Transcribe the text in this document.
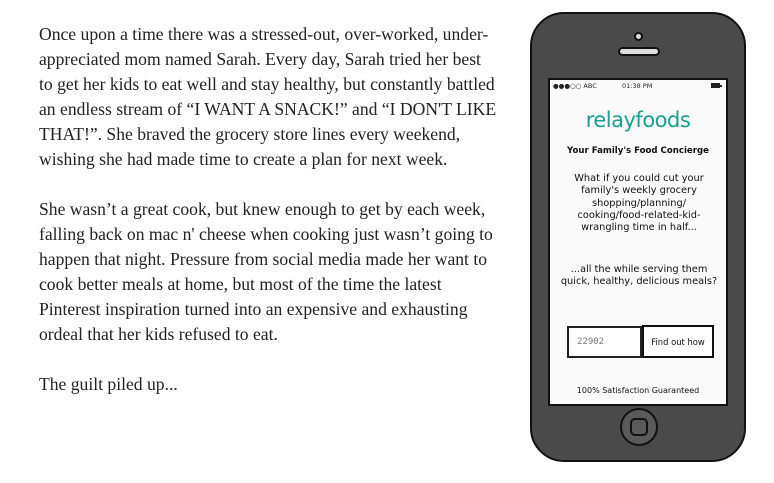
Once upon a time there was a stressed-out, over-worked, under-appreciated mom named Sarah. Every day, Sarah tried her best to get her kids to eat well and stay healthy, but constantly battled an endless stream of “I WANT A SNACK!” and “I DON'T LIKE THAT!”. She braved the grocery store lines every weekend, wishing she had made time to create a plan for next week.

She wasn’t a great cook, but knew enough to get by each week, falling back on mac n' cheese when cooking just wasn’t going to happen that night. Pressure from social media made her want to cook better meals at home, but most of the time the latest Pinterest inspiration turned into an expensive and exhausting ordeal that her kids refused to eat.

The guilt piled up...

●●●○○ ABC	01:38 PM
relayfoods
Your Family's Food Concierge
What if you could cut your family's weekly grocery shopping/planning/ cooking/food-related-kid- wrangling time in half...
...all the while serving them quick, healthy, delicious meals?
22902
Find out how
100% Satisfaction Guaranteed
